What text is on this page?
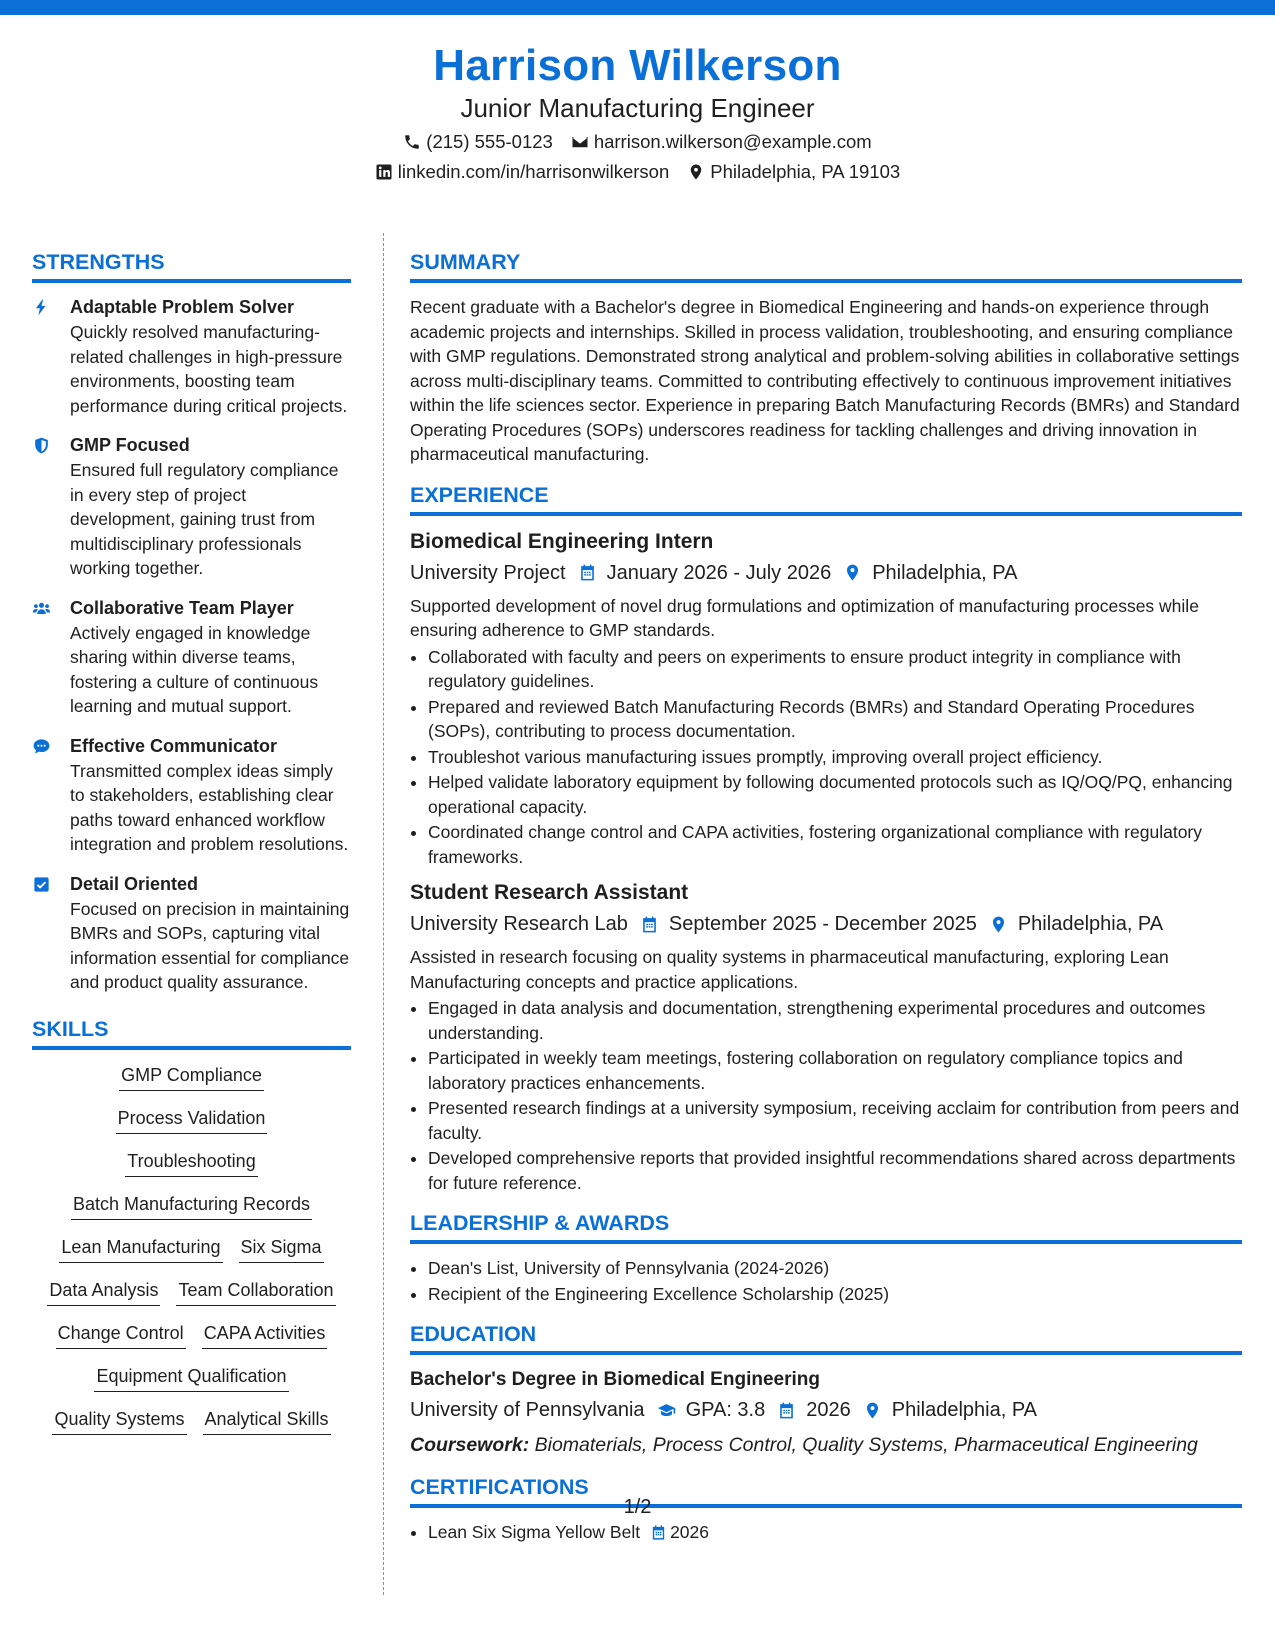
Harrison Wilkerson
Junior Manufacturing Engineer
(215) 555-0123 harrison.wilkerson@example.com
linkedin.com/in/harrisonwilkerson Philadelphia, PA 19103
STRENGTHS
Adaptable Problem Solver
Quickly resolved manufacturing-related challenges in high-pressure environments, boosting team performance during critical projects.
GMP Focused
Ensured full regulatory compliance in every step of project development, gaining trust from multidisciplinary professionals working together.
Collaborative Team Player
Actively engaged in knowledge sharing within diverse teams, fostering a culture of continuous learning and mutual support.
Effective Communicator
Transmitted complex ideas simply to stakeholders, establishing clear paths toward enhanced workflow integration and problem resolutions.
Detail Oriented
Focused on precision in maintaining BMRs and SOPs, capturing vital information essential for compliance and product quality assurance.
SKILLS
GMP Compliance
Process Validation
Troubleshooting
Batch Manufacturing Records
Lean Manufacturing Six Sigma
Data Analysis Team Collaboration
Change Control CAPA Activities
Equipment Qualification
Quality Systems Analytical Skills
SUMMARY
Recent graduate with a Bachelor's degree in Biomedical Engineering and hands-on experience through academic projects and internships. Skilled in process validation, troubleshooting, and ensuring compliance with GMP regulations. Demonstrated strong analytical and problem-solving abilities in collaborative settings across multi-disciplinary teams. Committed to contributing effectively to continuous improvement initiatives within the life sciences sector. Experience in preparing Batch Manufacturing Records (BMRs) and Standard Operating Procedures (SOPs) underscores readiness for tackling challenges and driving innovation in pharmaceutical manufacturing.
EXPERIENCE
Biomedical Engineering Intern
University Project January 2026 - July 2026 Philadelphia, PA
Supported development of novel drug formulations and optimization of manufacturing processes while ensuring adherence to GMP standards.
• Collaborated with faculty and peers on experiments to ensure product integrity in compliance with regulatory guidelines.
• Prepared and reviewed Batch Manufacturing Records (BMRs) and Standard Operating Procedures (SOPs), contributing to process documentation.
• Troubleshot various manufacturing issues promptly, improving overall project efficiency.
• Helped validate laboratory equipment by following documented protocols such as IQ/OQ/PQ, enhancing operational capacity.
• Coordinated change control and CAPA activities, fostering organizational compliance with regulatory frameworks.
Student Research Assistant
University Research Lab September 2025 - December 2025 Philadelphia, PA
Assisted in research focusing on quality systems in pharmaceutical manufacturing, exploring Lean Manufacturing concepts and practice applications.
• Engaged in data analysis and documentation, strengthening experimental procedures and outcomes understanding.
• Participated in weekly team meetings, fostering collaboration on regulatory compliance topics and laboratory practices enhancements.
• Presented research findings at a university symposium, receiving acclaim for contribution from peers and faculty.
• Developed comprehensive reports that provided insightful recommendations shared across departments for future reference.
LEADERSHIP & AWARDS
• Dean's List, University of Pennsylvania (2024-2026)
• Recipient of the Engineering Excellence Scholarship (2025)
EDUCATION
Bachelor's Degree in Biomedical Engineering
University of Pennsylvania GPA: 3.8 2026 Philadelphia, PA
Coursework: Biomaterials, Process Control, Quality Systems, Pharmaceutical Engineering
CERTIFICATIONS
• Lean Six Sigma Yellow Belt 2026
1/2
